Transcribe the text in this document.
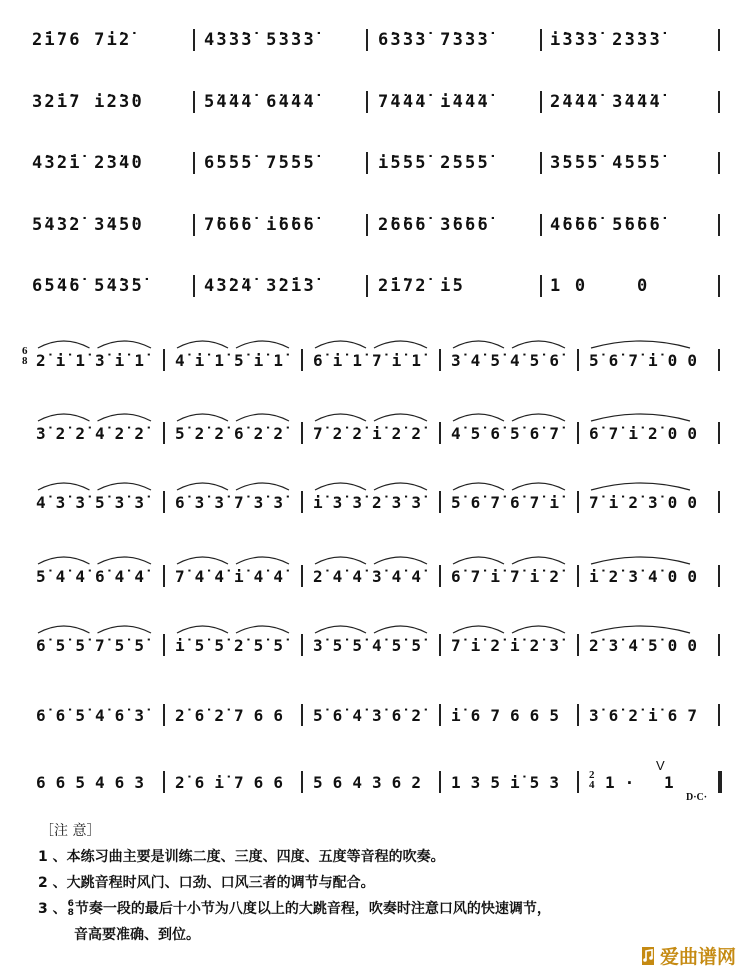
2̇i̇76 7i̇2̇	4̇3̇3̇3̇ 5̇3̇3̇3̇	6̇3̇3̇3̇ 7̇3̇3̇3̇	i̇3̇3̇3̇ 2̇3̇3̇3̇
3̇2̇i̇7 i̇2̇3̇0	5̇4̇4̇4̇ 6̇4̇4̇4̇	7̇4̇4̇4̇ i̇4̇4̇4̇	2̇4̇4̇4̇ 3̇4̇4̇4̇
4̇3̇2̇i̇ 2̇3̇4̇0	6̇5̇5̇5̇ 7̇5̇5̇5̇	i̇5̇5̇5̇ 2̇5̇5̇5̇	3̇5̇5̇5̇ 4̇5̇5̇5̇
5̇4̇3̇2̇ 3̇4̇5̇0	7̇6̇6̇6̇ i̇6̇6̇6̇	2̇6̇6̇6̇ 3̇6̇6̇6̇	4̇6̇6̇6̇ 5̇6̇6̇6̇
6̇5̇4̇6̇ 5̇4̇3̇5̇	4̇3̇2̇4̇ 3̇2̇i̇3̇	2̇i̇72̇ i̇5	1 0    0
2̇ i̇ 1̇ 3̇ i̇ 1̇	4̇ i̇ 1̇ 5̇ i̇ 1̇	6̇ i̇ 1̇ 7̇ i̇ 1̇	3̇ 4̇ 5̇ 4̇ 5̇ 6̇	5̇ 6̇ 7̇ i̇ 0 0
6
8
3̇ 2̇ 2̇ 4̇ 2̇ 2̇	5̇ 2̇ 2̇ 6̇ 2̇ 2̇	7̇ 2̇ 2̇ i̇ 2̇ 2̇	4̇ 5̇ 6̇ 5̇ 6̇ 7̇	6̇ 7̇ i̇ 2̇ 0 0
4̇ 3̇ 3̇ 5̇ 3̇ 3̇	6̇ 3̇ 3̇ 7̇ 3̇ 3̇	i̇ 3̇ 3̇ 2̇ 3̇ 3̇	5̇ 6̇ 7̇ 6̇ 7̇ i̇	7̇ i̇ 2̇ 3̇ 0 0
5̇ 4̇ 4̇ 6̇ 4̇ 4̇	7̇ 4̇ 4̇ i̇ 4̇ 4̇	2̇ 4̇ 4̇ 3̇ 4̇ 4̇	6̇ 7̇ i̇ 7̇ i̇ 2̇	i̇ 2̇ 3̇ 4̇ 0 0
6̇ 5̇ 5̇ 7̇ 5̇ 5̇	i̇ 5̇ 5̇ 2̇ 5̇ 5̇	3̇ 5̇ 5̇ 4̇ 5̇ 5̇	7̇ i̇ 2̇ i̇ 2̇ 3̇	2̇ 3̇ 4̇ 5̇ 0 0
6̇ 6̇ 5̇ 4̇ 6̇ 3̇	2̇ 6̇ 2̇ 7 6 6	5̇ 6̇ 4̇ 3̇ 6̇ 2̇	i̇ 6 7 6 6 5	3̇ 6̇ 2̇ i̇ 6 7
6 6 5 4 6 3	2̇ 6 i̇ 7 6 6	5 6 4 3 6 2	1 3 5 i̇ 5 3	1 ·   1
2
4
V
D·C·
［注 意］
1 、本练习曲主要是训练二度、三度、四度、五度等音程的吹奏。
2 、大跳音程时风门、口劲、口风三者的调节与配合。
3 、 6
8 节奏一段的最后十小节为八度以上的大跳音程，吹奏时注意口风的快速调节，
音高要准确、到位。
爱曲谱网
